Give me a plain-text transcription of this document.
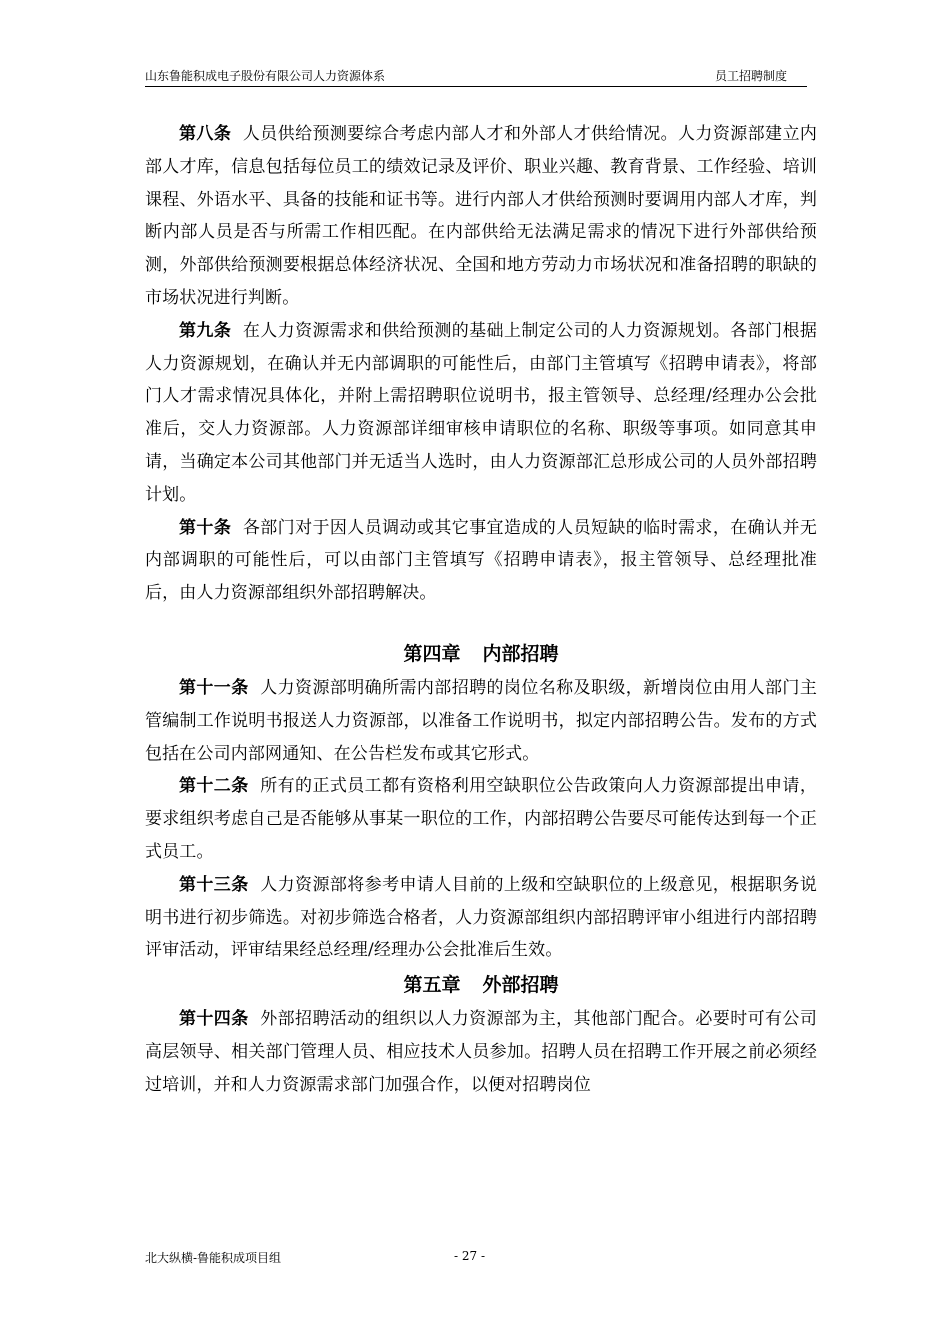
山东鲁能积成电子股份有限公司人力资源体系	员工招聘制度

第八条 人员供给预测要综合考虑内部人才和外部人才供给情况。人力资源部建立内部人才库，信息包括每位员工的绩效记录及评价、职业兴趣、教育背景、工作经验、培训课程、外语水平、具备的技能和证书等。进行内部人才供给预测时要调用内部人才库，判断内部人员是否与所需工作相匹配。在内部供给无法满足需求的情况下进行外部供给预测，外部供给预测要根据总体经济状况、全国和地方劳动力市场状况和准备招聘的职缺的市场状况进行判断。

第九条 在人力资源需求和供给预测的基础上制定公司的人力资源规划。各部门根据人力资源规划，在确认并无内部调职的可能性后，由部门主管填写《招聘申请表》，将部门人才需求情况具体化，并附上需招聘职位说明书，报主管领导、总经理/经理办公会批准后，交人力资源部。人力资源部详细审核申请职位的名称、职级等事项。如同意其申请，当确定本公司其他部门并无适当人选时，由人力资源部汇总形成公司的人员外部招聘计划。

第十条 各部门对于因人员调动或其它事宜造成的人员短缺的临时需求，在确认并无内部调职的可能性后，可以由部门主管填写《招聘申请表》，报主管领导、总经理批准后，由人力资源部组织外部招聘解决。

第四章 内部招聘

第十一条 人力资源部明确所需内部招聘的岗位名称及职级，新增岗位由用人部门主管编制工作说明书报送人力资源部，以准备工作说明书，拟定内部招聘公告。发布的方式包括在公司内部网通知、在公告栏发布或其它形式。

第十二条 所有的正式员工都有资格利用空缺职位公告政策向人力资源部提出申请，要求组织考虑自己是否能够从事某一职位的工作，内部招聘公告要尽可能传达到每一个正式员工。

第十三条 人力资源部将参考申请人目前的上级和空缺职位的上级意见，根据职务说明书进行初步筛选。对初步筛选合格者，人力资源部组织内部招聘评审小组进行内部招聘评审活动，评审结果经总经理/经理办公会批准后生效。

第五章 外部招聘

第十四条 外部招聘活动的组织以人力资源部为主，其他部门配合。必要时可有公司高层领导、相关部门管理人员、相应技术人员参加。招聘人员在招聘工作开展之前必须经过培训，并和人力资源需求部门加强合作，以便对招聘岗位

北大纵横-鲁能积成项目组	- 27 -
